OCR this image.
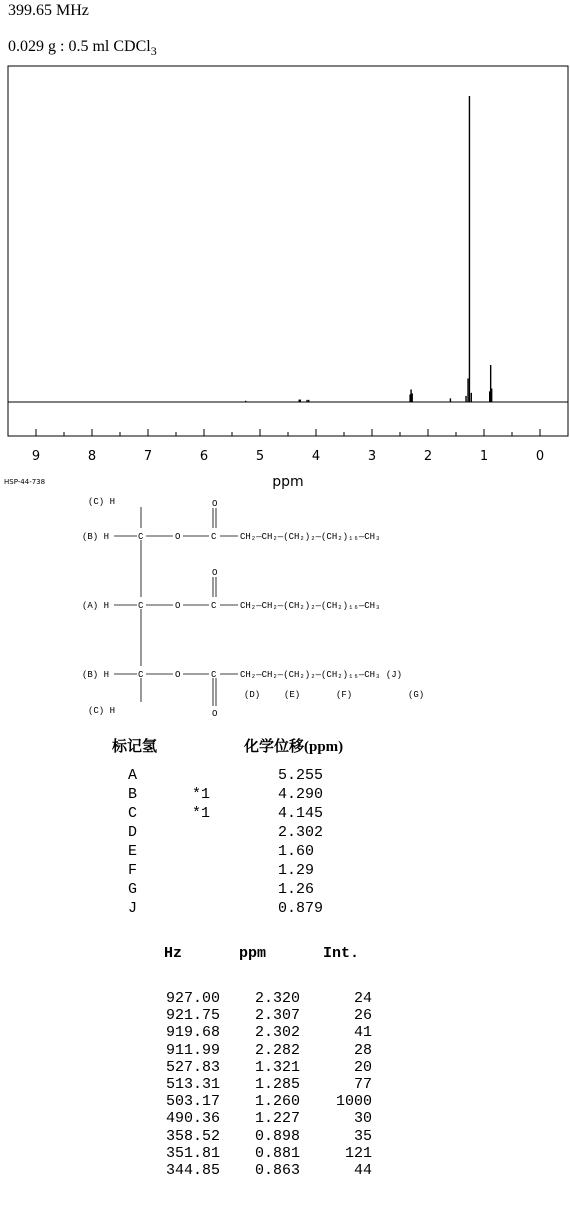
399.65 MHz
0.029 g : 0.5 ml CDCl$_3$
9	8	7	6	5	4	3	2	1	0
ppm
HSP-44-738
(C) H
(B) H
(A) H
(B) H
(C) H
C
C
C
O
O
O
C
C
C
O
O
O
CH₂—CH₂—(CH₂)₂—(CH₂)₁₆—CH₃
CH₂—CH₂—(CH₂)₂—(CH₂)₁₆—CH₃
CH₂—CH₂—(CH₂)₂—(CH₂)₁₆—CH₃ (J)
(D)	(E)	(F)	(G)
标记氢	化学位移(ppm)
A		5.255
B	*1	4.290
C	*1	4.145
D		2.302
E		1.60
F		1.29
G		1.26
J		0.879
Hz	ppm	Int.
927.00	2.320	24
921.75	2.307	26
919.68	2.302	41
911.99	2.282	28
527.83	1.321	20
513.31	1.285	77
503.17	1.260	1000
490.36	1.227	30
358.52	0.898	35
351.81	0.881	121
344.85	0.863	44
